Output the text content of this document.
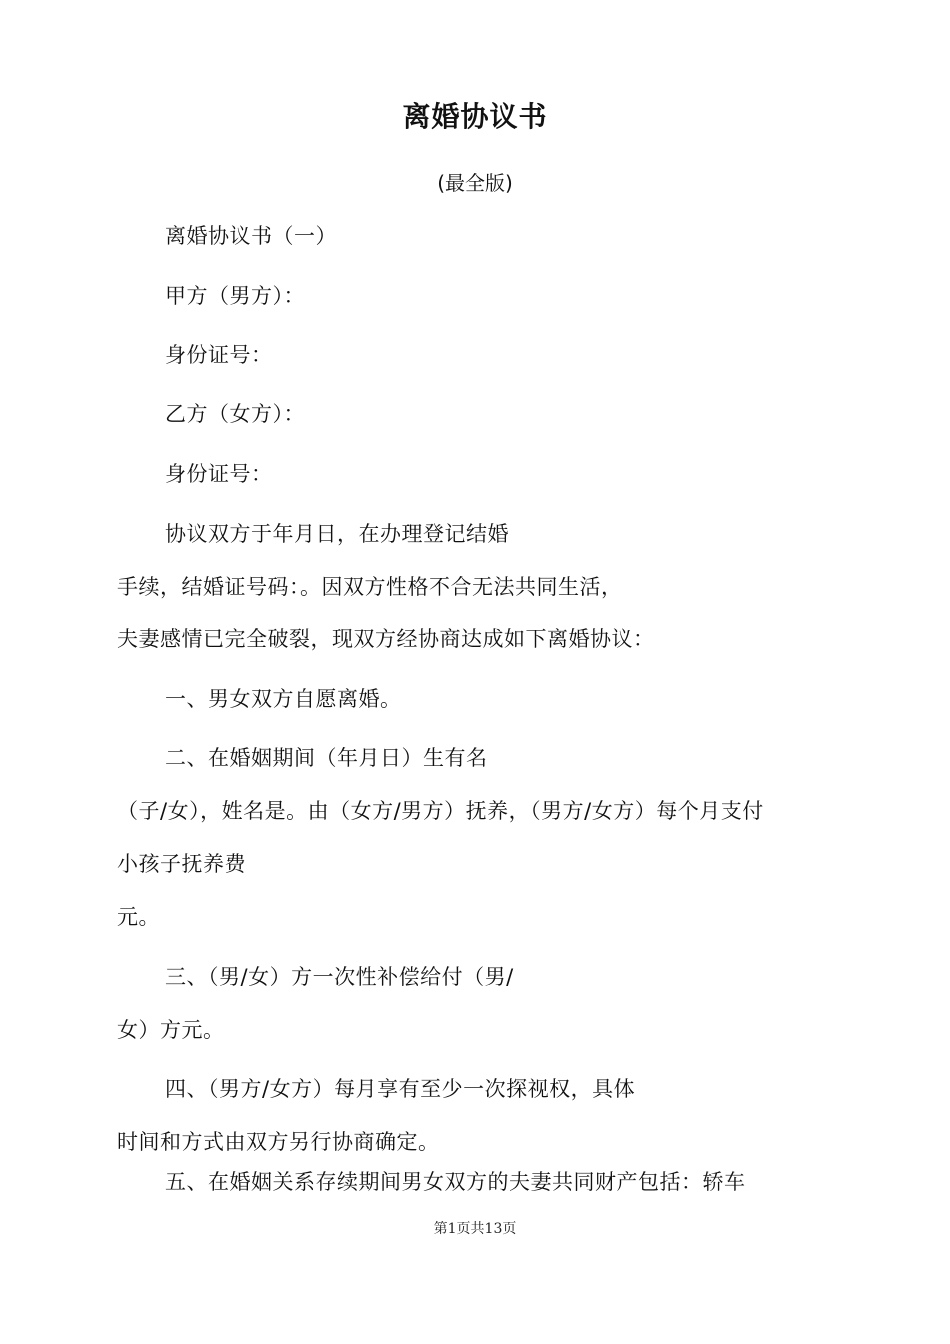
离婚协议书
(最全版)
离婚协议书（一）
甲方（男方）：
身份证号：
乙方（女方）：
身份证号：
协议双方于年月日，在办理登记结婚
手续，结婚证号码：。因双方性格不合无法共同生活，
夫妻感情已完全破裂，现双方经协商达成如下离婚协议：
一、男女双方自愿离婚。
二、在婚姻期间（年月日）生有名
（子/女），姓名是。由（女方/男方）抚养，（男方/女方）每个月支付
小孩子抚养费
元。
三、（男/女）方一次性补偿给付（男/
女）方元。
四、（男方/女方）每月享有至少一次探视权，具体
时间和方式由双方另行协商确定。
五、在婚姻关系存续期间男女双方的夫妻共同财产包括：轿车
第1页共13页
